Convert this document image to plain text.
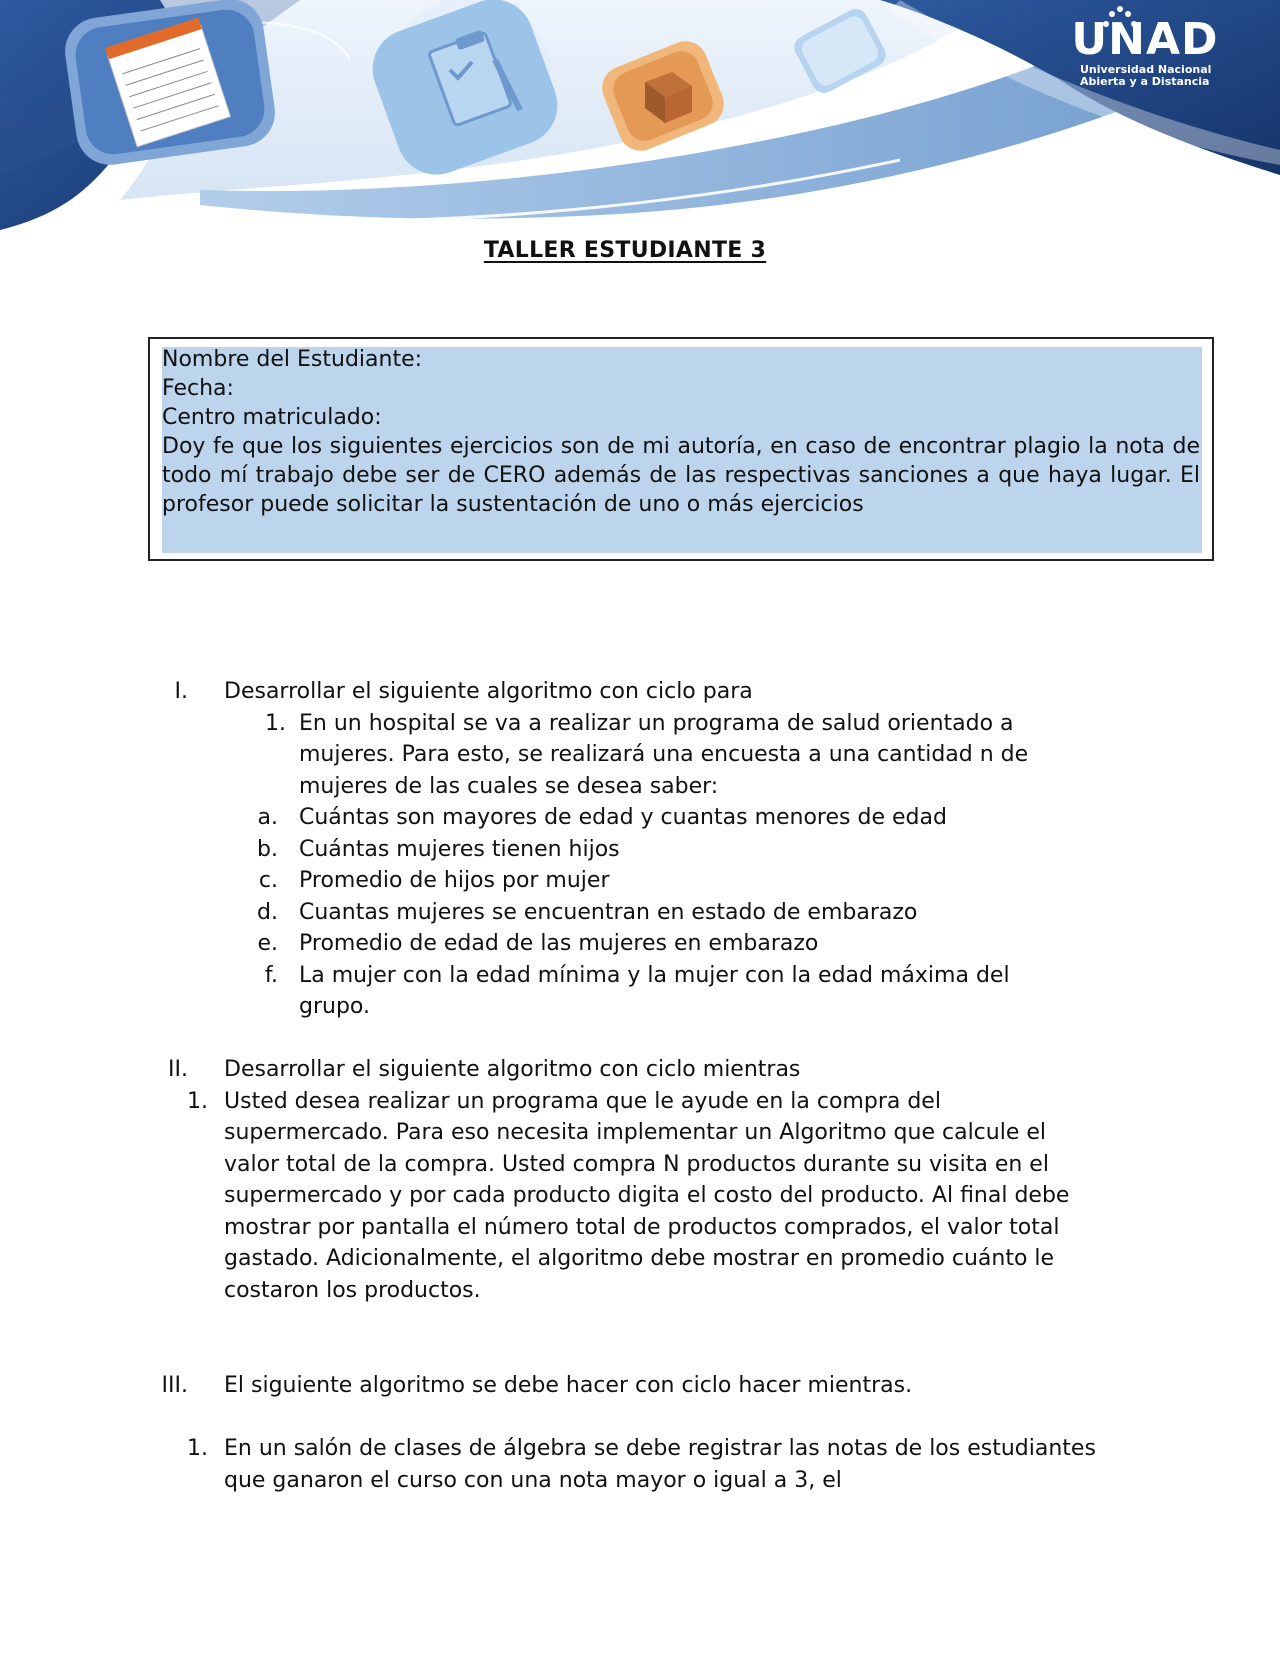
UNAD
Universidad Nacional
Abierta y a Distancia
TALLER ESTUDIANTE 3
Nombre del Estudiante:
Fecha:
Centro matriculado:
Doy fe que los siguientes ejercicios son de mi autoría, en caso de encontrar plagio la nota de todo mí trabajo debe ser de CERO además de las respectivas sanciones a que haya lugar. El profesor puede solicitar la sustentación de uno o más ejercicios
I. Desarrollar el siguiente algoritmo con ciclo para
1. En un hospital se va a realizar un programa de salud orientado a mujeres. Para esto, se realizará una encuesta a una cantidad n de mujeres de las cuales se desea saber:
a. Cuántas son mayores de edad y cuantas menores de edad
b. Cuántas mujeres tienen hijos
c. Promedio de hijos por mujer
d. Cuantas mujeres se encuentran en estado de embarazo
e. Promedio de edad de las mujeres en embarazo
f. La mujer con la edad mínima y la mujer con la edad máxima del grupo.
II. Desarrollar el siguiente algoritmo con ciclo mientras
1. Usted desea realizar un programa que le ayude en la compra del supermercado. Para eso necesita implementar un Algoritmo que calcule el valor total de la compra. Usted compra N productos durante su visita en el supermercado y por cada producto digita el costo del producto. Al final debe mostrar por pantalla el número total de productos comprados, el valor total gastado. Adicionalmente, el algoritmo debe mostrar en promedio cuánto le costaron los productos.
III. El siguiente algoritmo se debe hacer con ciclo hacer mientras.
1. En un salón de clases de álgebra se debe registrar las notas de los estudiantes que ganaron el curso con una nota mayor o igual a 3, el
